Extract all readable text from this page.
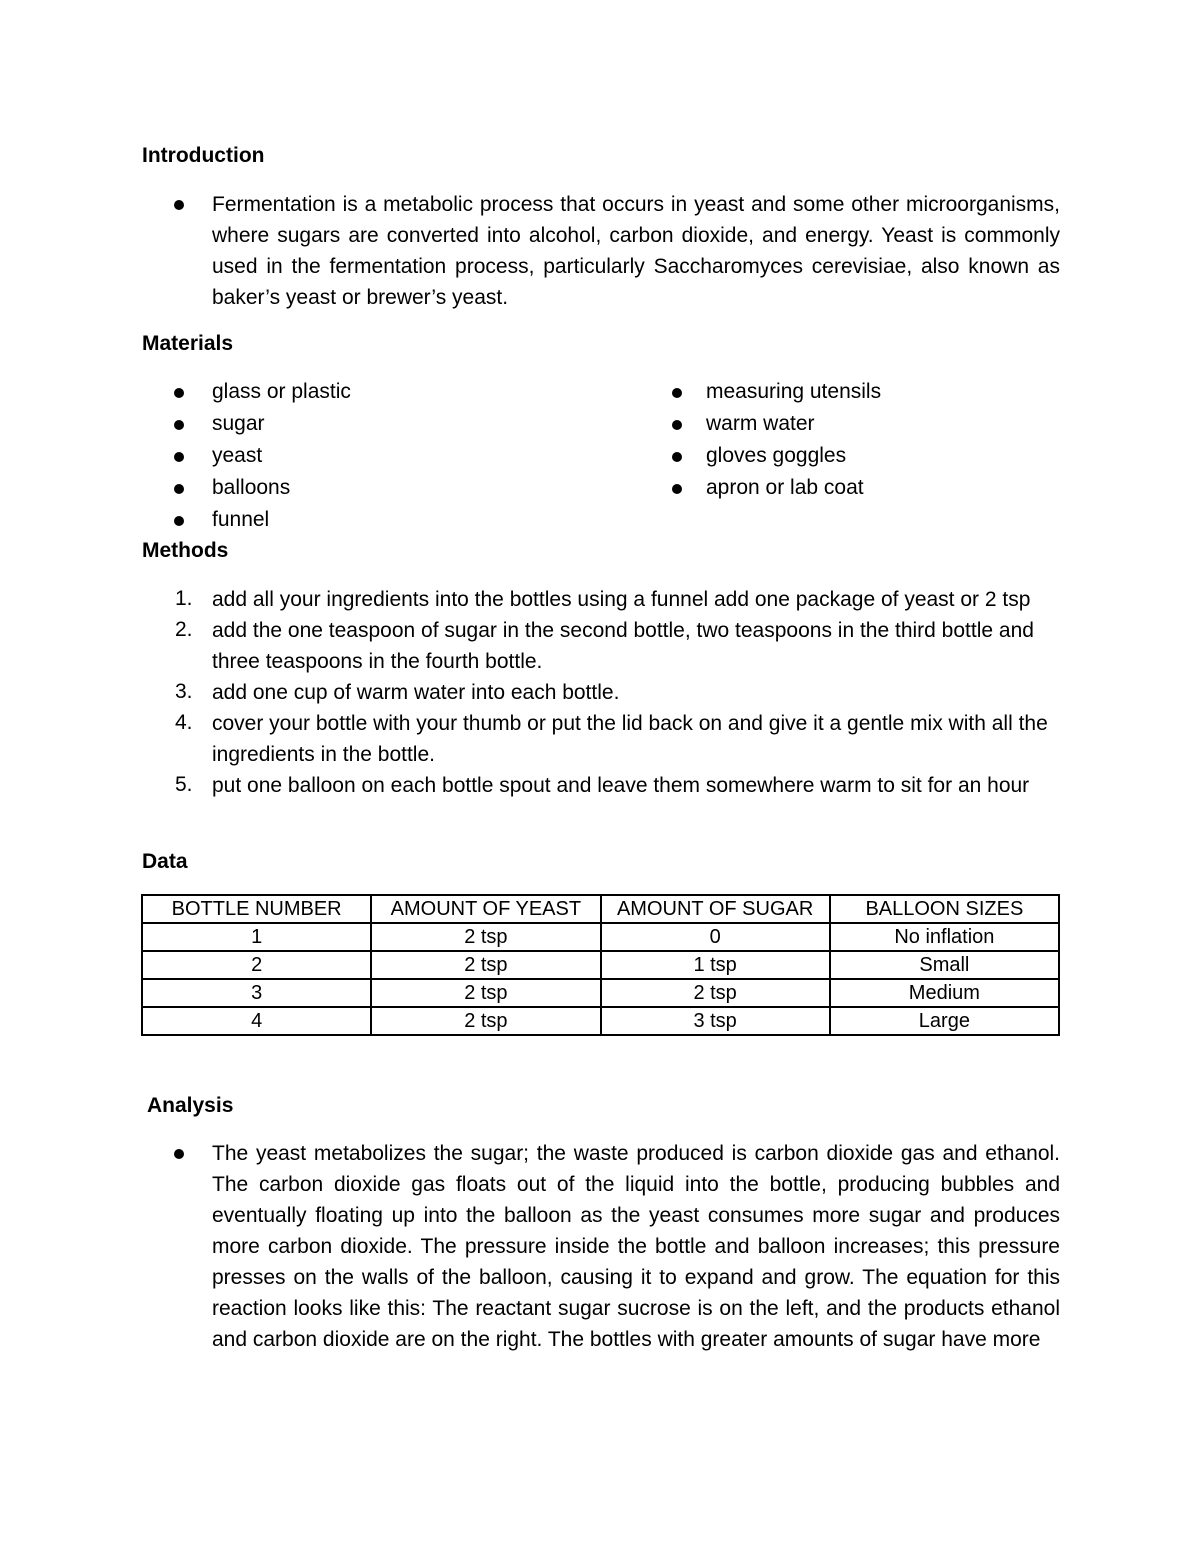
Introduction

Fermentation is a metabolic process that occurs in yeast and some other microorganisms, where sugars are converted into alcohol, carbon dioxide, and energy. Yeast is commonly used in the fermentation process, particularly Saccharomyces cerevisiae, also known as baker’s yeast or brewer’s yeast.

Materials
glass or plastic
sugar
yeast
balloons
funnel
measuring utensils
warm water
gloves goggles
apron or lab coat
Methods
1. add all your ingredients into the bottles using a funnel add one package of yeast or 2 tsp

2. add the one teaspoon of sugar in the second bottle, two teaspoons in the third bottle and three teaspoons in the fourth bottle.

3. add one cup of warm water into each bottle.

4. cover your bottle with your thumb or put the lid back on and give it a gentle mix with all the ingredients in the bottle.

5. put one balloon on each bottle spout and leave them somewhere warm to sit for an hour

Data
BOTTLE NUMBER	AMOUNT OF YEAST	AMOUNT OF SUGAR	BALLOON SIZES
1	2 tsp	0	No inflation
2	2 tsp	1 tsp	Small
3	2 tsp	2 tsp	Medium
4	2 tsp	3 tsp	Large
Analysis

The yeast metabolizes the sugar; the waste produced is carbon dioxide gas and ethanol. The carbon dioxide gas floats out of the liquid into the bottle, producing bubbles and eventually floating up into the balloon as the yeast consumes more sugar and produces more carbon dioxide. The pressure inside the bottle and balloon increases; this pressure presses on the walls of the balloon, causing it to expand and grow. The equation for this reaction looks like this: The reactant sugar sucrose is on the left, and the products ethanol and carbon dioxide are on the right. The bottles with greater amounts of sugar have more
